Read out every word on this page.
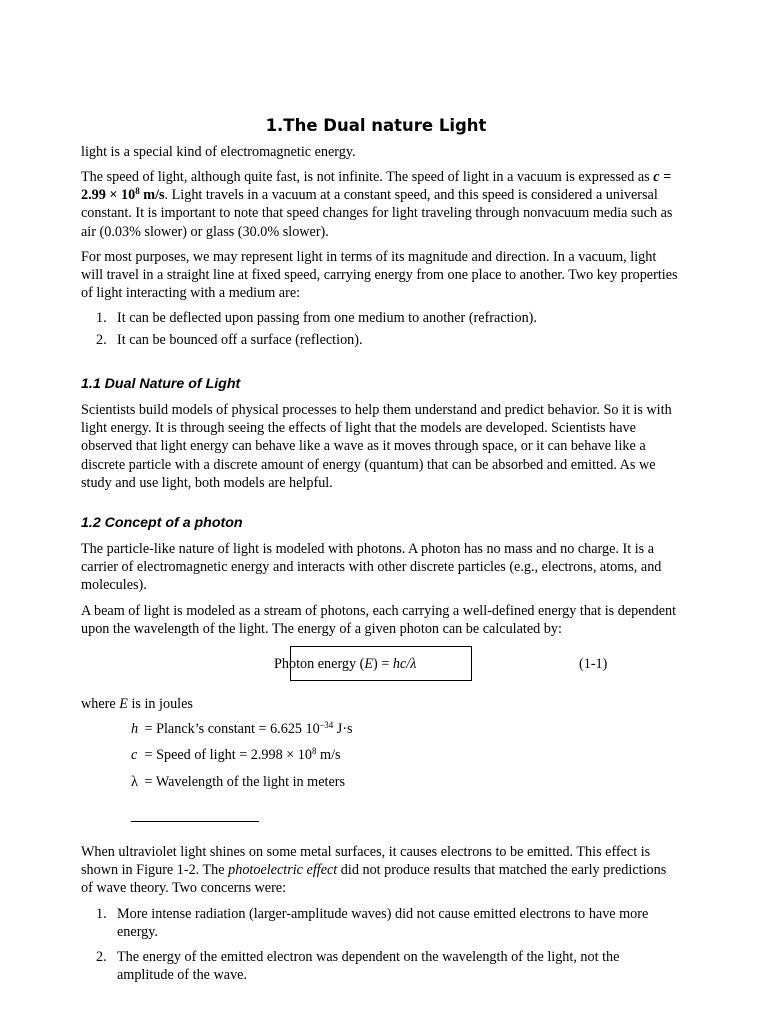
1.The Dual nature Light

light is a special kind of electromagnetic energy.

The speed of light, although quite fast, is not infinite. The speed of light in a vacuum is expressed as $c = 2.99 \times 10^8$ m/s. Light travels in a vacuum at a constant speed, and this speed is considered a universal constant. It is important to note that speed changes for light traveling through nonvacuum media such as air (0.03% slower) or glass (30.0% slower).

For most purposes, we may represent light in terms of its magnitude and direction. In a vacuum, light will travel in a straight line at fixed speed, carrying energy from one place to another. Two key properties of light interacting with a medium are:

1. It can be deflected upon passing from one medium to another (refraction).
2. It can be bounced off a surface (reflection).
1.1 Dual Nature of Light

Scientists build models of physical processes to help them understand and predict behavior. So it is with light energy. It is through seeing the effects of light that the models are developed. Scientists have observed that light energy can behave like a wave as it moves through space, or it can behave like a discrete particle with a discrete amount of energy (quantum) that can be absorbed and emitted. As we study and use light, both models are helpful.

1.2 Concept of a photon

The particle-like nature of light is modeled with photons. A photon has no mass and no charge. It is a carrier of electromagnetic energy and interacts with other discrete particles (e.g., electrons, atoms, and molecules).

A beam of light is modeled as a stream of photons, each carrying a well-defined energy that is dependent upon the wavelength of the light. The energy of a given photon can be calculated by:

Photon energy (E) = hc/λ	(1-1)

where E is in joules

h = Planck’s constant = 6.625 $10^{-34}$ J·s
c = Speed of light = $2.998 \times 10^8$ m/s
λ = Wavelength of the light in meters

When ultraviolet light shines on some metal surfaces, it causes electrons to be emitted. This effect is shown in Figure 1-2. The photoelectric effect did not produce results that matched the early predictions of wave theory. Two concerns were:

1. More intense radiation (larger-amplitude waves) did not cause emitted electrons to have more energy.
2. The energy of the emitted electron was dependent on the wavelength of the light, not the amplitude of the wave.
